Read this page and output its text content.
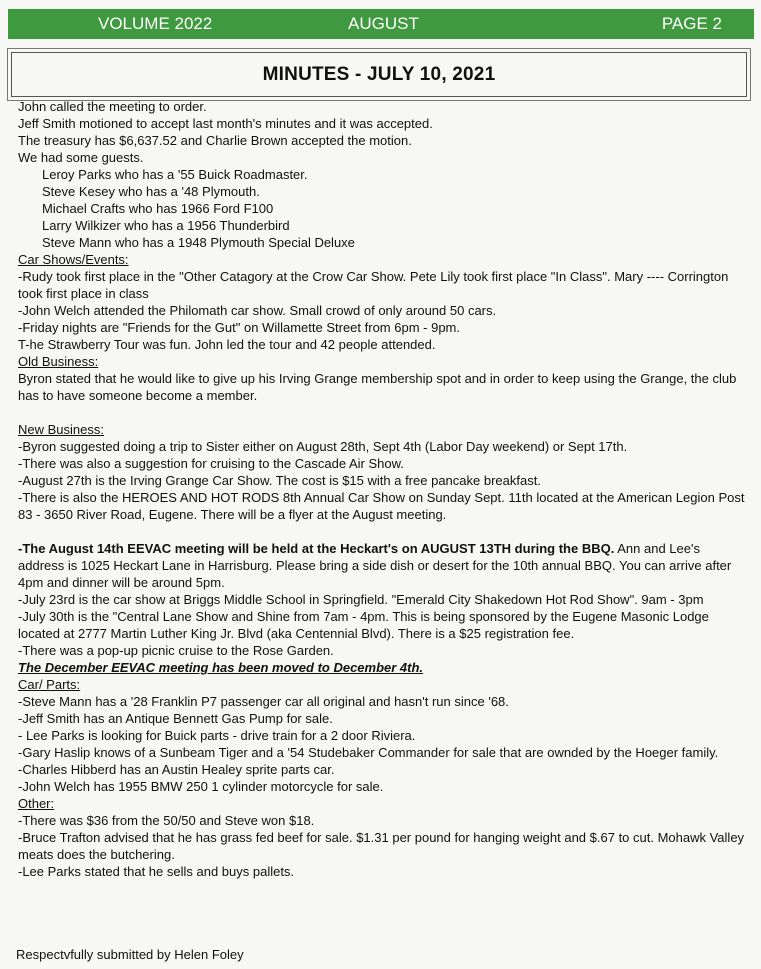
VOLUME 2022	AUGUST	PAGE 2
MINUTES - JULY 10, 2021

John called the meeting to order.

Jeff Smith motioned to accept last month's minutes and it was accepted.

The treasury has $6,637.52 and Charlie Brown accepted the motion.

We had some guests.

Leroy Parks who has a '55 Buick Roadmaster.

Steve Kesey who has a '48 Plymouth.

Michael Crafts who has 1966 Ford F100

Larry Wilkizer who has a 1956 Thunderbird

Steve Mann who has a 1948 Plymouth Special Deluxe

Car Shows/Events:

-Rudy took first place in the "Other Catagory at the Crow Car Show. Pete Lily took first place "In Class". Mary ---- Corrington took first place in class

-John Welch attended the Philomath car show. Small crowd of only around 50 cars.

-Friday nights are "Friends for the Gut" on Willamette Street from 6pm - 9pm.

T-he Strawberry Tour was fun. John led the tour and 42 people attended.

Old Business:

Byron stated that he would like to give up his Irving Grange membership spot and in order to keep using the Grange, the club has to have someone become a member.

New Business:

-Byron suggested doing a trip to Sister either on August 28th, Sept 4th (Labor Day weekend) or Sept 17th.

-There was also a suggestion for cruising to the Cascade Air Show.

-August 27th is the Irving Grange Car Show. The cost is $15 with a free pancake breakfast.

-There is also the HEROES AND HOT RODS 8th Annual Car Show on Sunday Sept. 11th located at the American Legion Post 83 - 3650 River Road, Eugene. There will be a flyer at the August meeting.

-The August 14th EEVAC meeting will be held at the Heckart's on AUGUST 13TH during the BBQ. Ann and Lee's address is 1025 Heckart Lane in Harrisburg. Please bring a side dish or desert for the 10th annual BBQ. You can arrive after 4pm and dinner will be around 5pm.

-July 23rd is the car show at Briggs Middle School in Springfield. "Emerald City Shakedown Hot Rod Show". 9am - 3pm

-July 30th is the "Central Lane Show and Shine from 7am - 4pm. This is being sponsored by the Eugene Masonic Lodge located at 2777 Martin Luther King Jr. Blvd (aka Centennial Blvd). There is a $25 registration fee.

-There was a pop-up picnic cruise to the Rose Garden.

The December EEVAC meeting has been moved to December 4th.

Car/ Parts:

-Steve Mann has a '28 Franklin P7 passenger car all original and hasn't run since '68.

-Jeff Smith has an Antique Bennett Gas Pump for sale.

- Lee Parks is looking for Buick parts - drive train for a 2 door Riviera.

-Gary Haslip knows of a Sunbeam Tiger and a '54 Studebaker Commander for sale that are ownded by the Hoeger family.

-Charles Hibberd has an Austin Healey sprite parts car.

-John Welch has 1955 BMW 250 1 cylinder motorcycle for sale.

Other:

-There was $36 from the 50/50 and Steve won $18.

-Bruce Trafton advised that he has grass fed beef for sale. $1.31 per pound for hanging weight and $.67 to cut. Mohawk Valley meats does the butchering.

-Lee Parks stated that he sells and buys pallets.

Respectvfully submitted by Helen Foley
